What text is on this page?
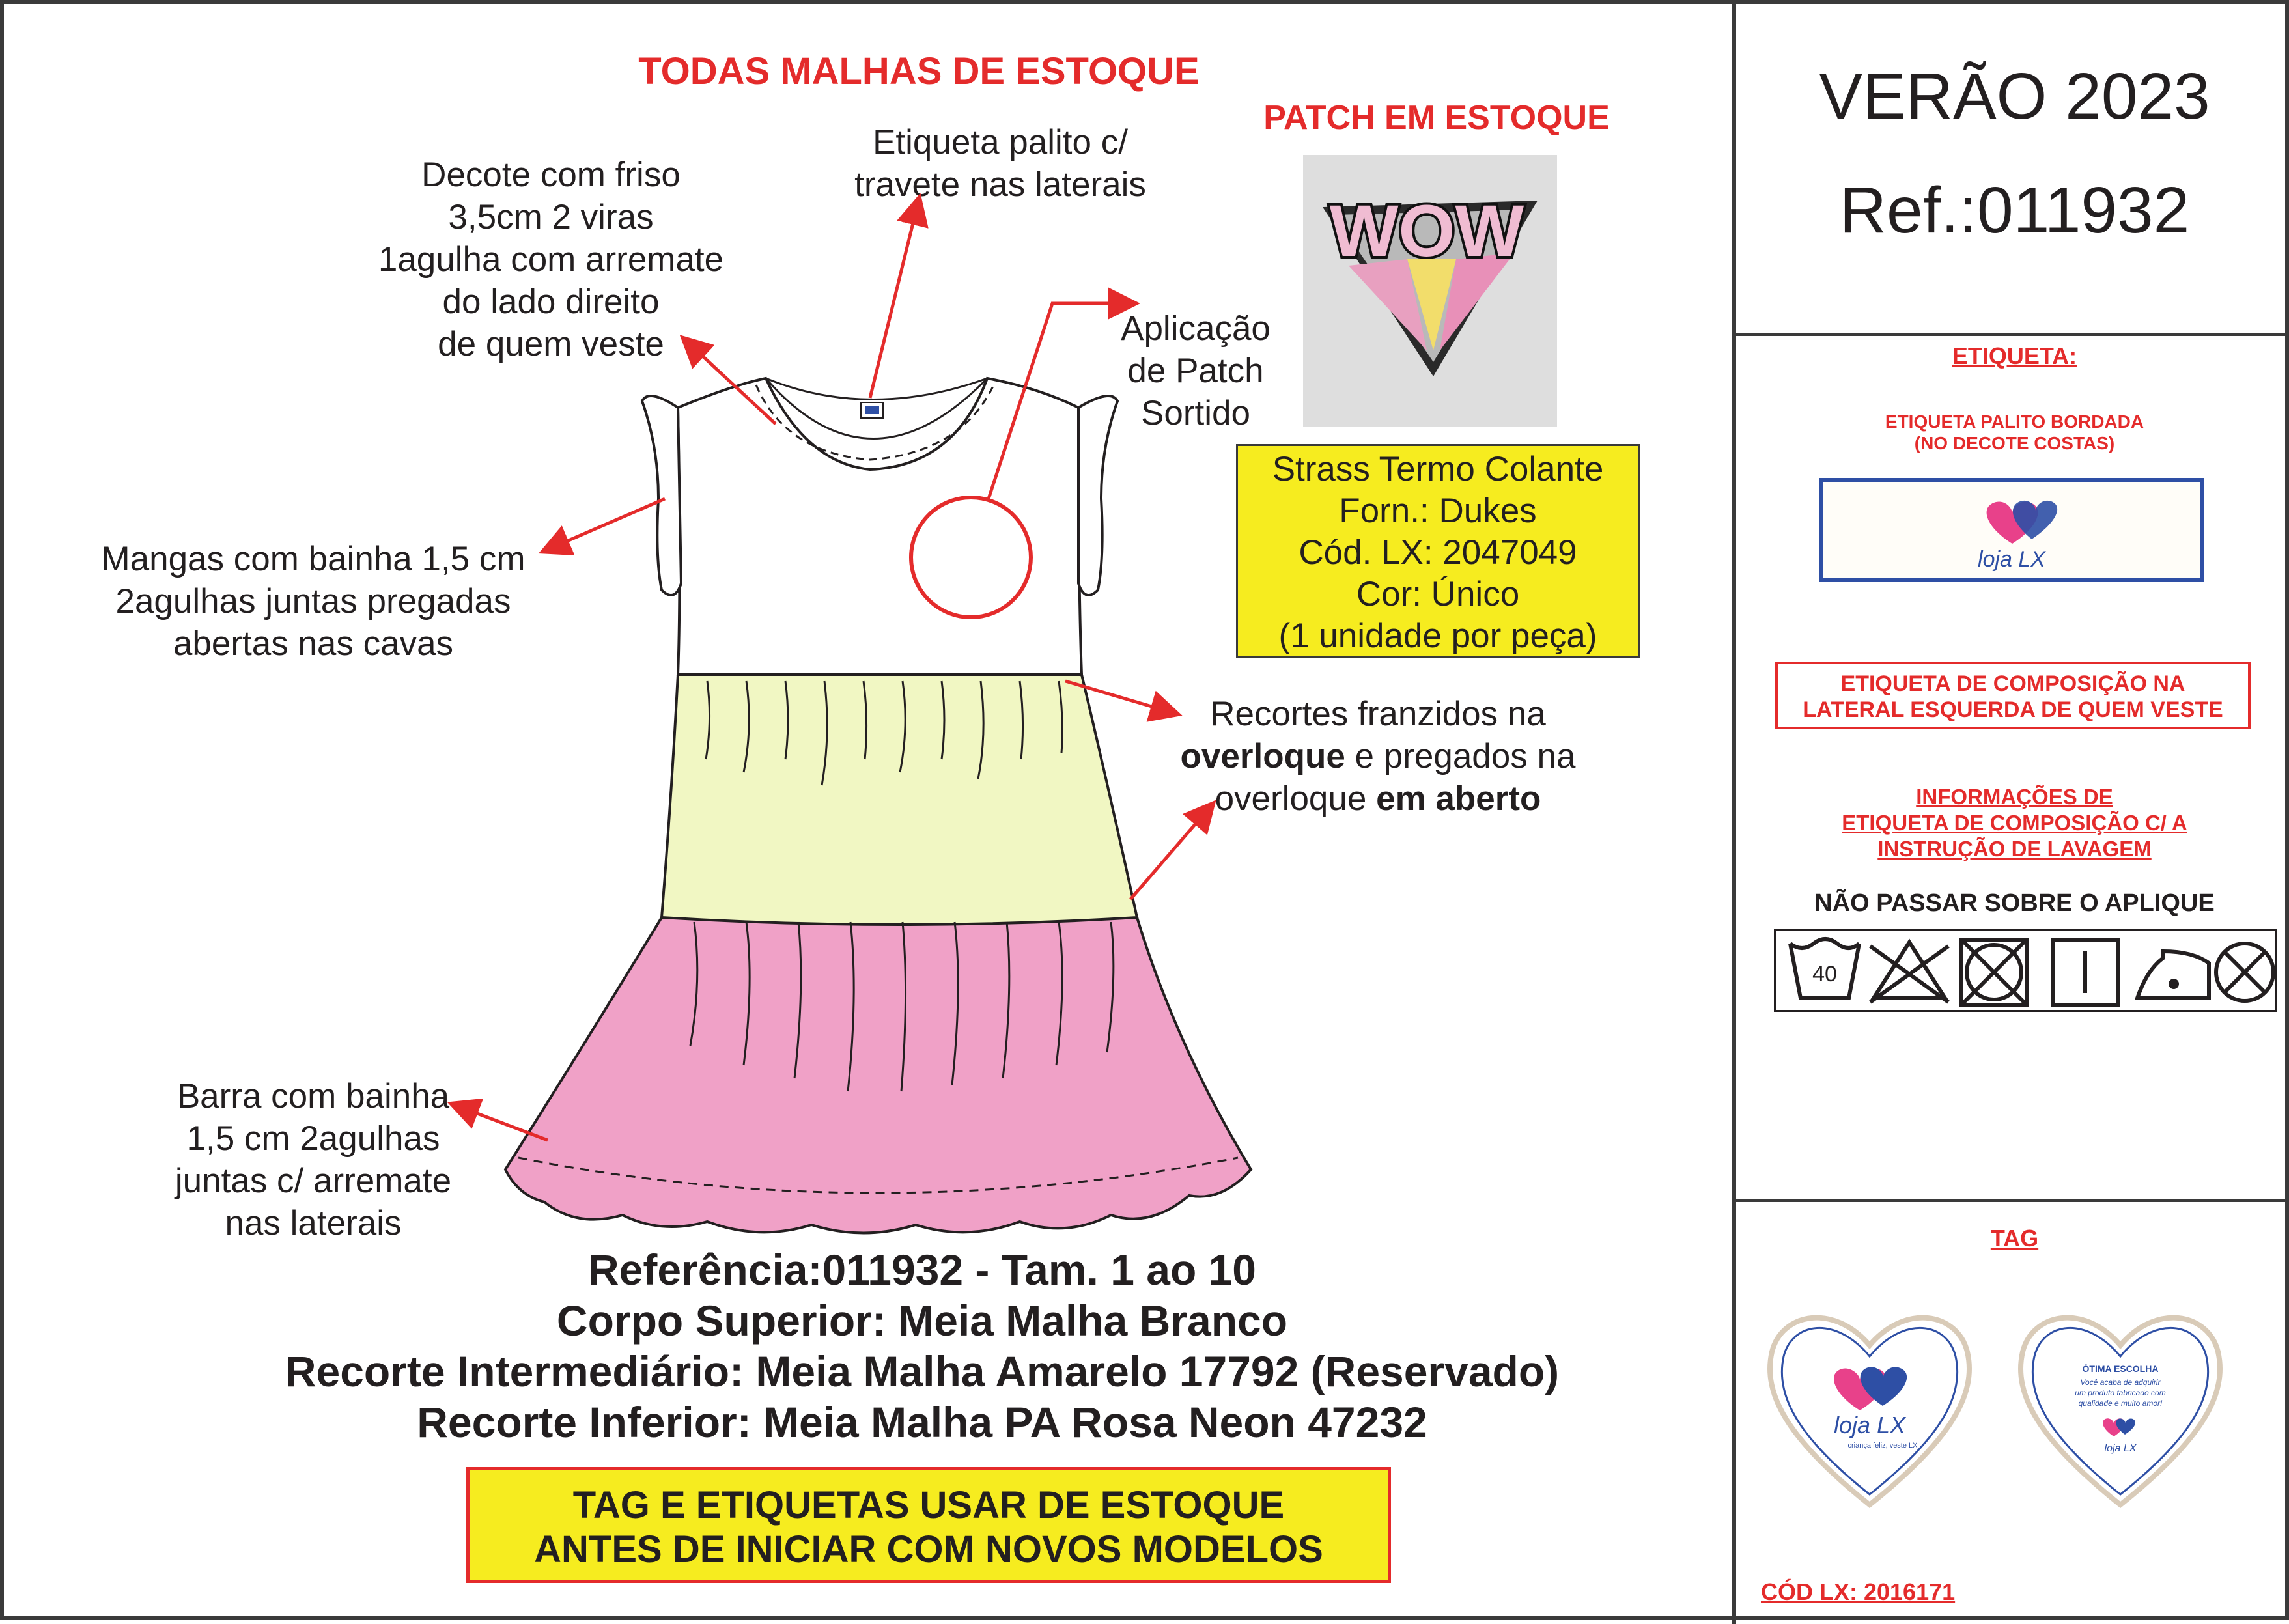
TODAS MALHAS DE ESTOQUE
PATCH EM ESTOQUE
Decote com friso
3,5cm 2 viras
1agulha com arremate
do lado direito
de quem veste
Etiqueta palito c/
travete nas laterais
Aplicação
de Patch
Sortido
Mangas com bainha 1,5 cm
2agulhas juntas pregadas
abertas nas cavas
Recortes franzidos na
overloque e pregados na
overloque em aberto
Barra com bainha
1,5 cm 2agulhas
juntas c/ arremate
nas laterais
WOW
Strass Termo Colante
Forn.: Dukes
Cód. LX: 2047049
Cor: Único
(1 unidade por peça)
Referência:011932 - Tam. 1 ao 10
Corpo Superior: Meia Malha Branco
Recorte Intermediário: Meia Malha Amarelo 17792 (Reservado)
Recorte Inferior: Meia Malha PA Rosa Neon 47232
TAG E ETIQUETAS USAR DE ESTOQUE
ANTES DE INICIAR COM NOVOS MODELOS
VERÃO 2023
Ref.:011932
ETIQUETA:
ETIQUETA PALITO BORDADA
(NO DECOTE COSTAS)
loja LX
ETIQUETA DE COMPOSIÇÃO NA
LATERAL ESQUERDA DE QUEM VESTE
INFORMAÇÕES DE
ETIQUETA DE COMPOSIÇÃO C/ A
INSTRUÇÃO DE LAVAGEM
NÃO PASSAR SOBRE O APLIQUE
40
TAG
loja LX
criança feliz, veste LX
ÓTIMA ESCOLHA
Você acaba de adquirir
um produto fabricado com
qualidade e muito amor!
loja LX
CÓD LX: 2016171
